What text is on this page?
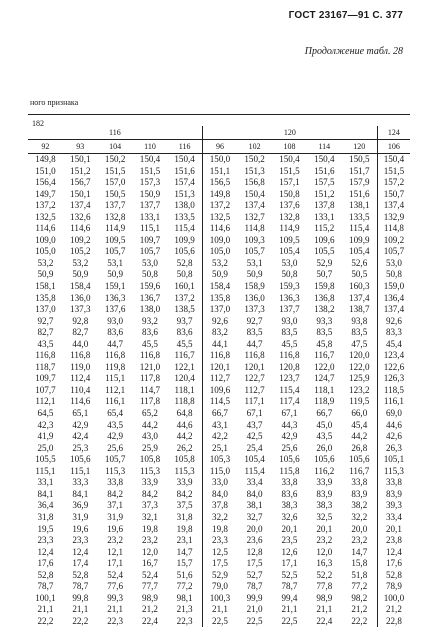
ГОСТ 23167—91 С. 377
Продолжение табл. 28
ного признака
182
116					120					124
92	93	104	110	116	96	102	108	114	120	106
149,8	150,1	150,2	150,4	150,4	150,0	150,2	150,4	150,4	150,5	150,4
151,0	151,2	151,5	151,5	151,6	151,1	151,3	151,5	151,6	151,7	151,5
156,4	156,7	157,0	157,3	157,4	156,5	156,8	157,1	157,5	157,9	157,2
149,7	150,1	150,5	150,9	151,3	149,8	150,4	150,8	151,2	151,6	150,7
137,2	137,4	137,7	137,7	138,0	137,2	137,4	137,6	137,8	138,1	137,4
132,5	132,6	132,8	133,1	133,5	132,5	132,7	132,8	133,1	133,5	132,9
114,6	114,6	114,9	115,1	115,4	114,6	114,8	114,9	115,2	115,4	114,8
109,0	109,2	109,5	109,7	109,9	109,0	109,3	109,5	109,6	109,9	109,2
105,0	105,2	105,7	105,7	105,6	105,0	105,7	105,4	105,5	105,4	105,7
53,2	53,2	53,1	53,0	52,8	53,2	53,1	53,0	52,9	52,6	53,0
50,9	50,9	50,9	50,8	50,8	50,9	50,9	50,8	50,7	50,5	50,8
158,1	158,4	159,1	159,6	160,1	158,4	158,9	159,3	159,8	160,3	159,0
135,8	136,0	136,3	136,7	137,2	135,8	136,0	136,3	136,8	137,4	136,4
137,0	137,3	137,6	138,0	138,5	137,0	137,3	137,7	138,2	138,7	137,4
92,7	92,8	93,0	93,2	93,7	92,6	92,7	93,0	93,3	93,8	92,6
82,7	82,7	83,6	83,6	83,6	83,2	83,5	83,5	83,5	83,5	83,3
43,5	44,0	44,7	45,5	45,5	44,1	44,7	45,5	45,8	47,5	45,4
116,8	116,8	116,8	116,8	116,7	116,8	116,8	116,8	116,7	120,0	123,4
118,7	119,0	119,8	121,0	122,1	120,1	120,1	120,8	122,0	122,0	122,6
109,7	112,4	115,1	117,8	120,4	112,7	122,7	123,7	124,7	125,9	126,3
107,7	110,4	112,1	114,7	118,1	109,6	112,7	115,4	118,1	123,2	118,5
112,1	114,6	116,1	117,8	118,8	114,5	117,1	117,4	118,9	119,5	116,1
64,5	65,1	65,4	65,2	64,8	66,7	67,1	67,1	66,7	66,0	69,0
42,3	42,9	43,5	44,2	44,6	43,1	43,7	44,3	45,0	45,4	44,6
41,9	42,4	42,9	43,0	44,2	42,2	42,5	42,9	43,5	44,2	42,6
25,0	25,3	25,6	25,9	26,2	25,1	25,4	25,6	26,0	26,8	26,3
105,5	105,6	105,7	105,8	105,8	105,3	105,4	105,6	105,6	105,6	105,1
115,1	115,1	115,3	115,3	115,3	115,0	115,4	115,8	116,2	116,7	115,3
33,1	33,3	33,8	33,9	33,9	33,0	33,4	33,8	33,9	33,8	33,8
84,1	84,1	84,2	84,2	84,2	84,0	84,0	83,6	83,9	83,9	83,9
36,4	36,9	37,1	37,3	37,5	37,8	38,1	38,3	38,3	38,2	39,3
31,8	31,9	31,9	32,1	31,8	32,2	32,7	32,6	32,5	32,2	33,4
19,5	19,6	19,6	19,8	19,8	19,8	20,0	20,1	20,1	20,0	20,1
23,3	23,3	23,2	23,2	23,1	23,3	23,6	23,5	23,2	23,2	23,8
12,4	12,4	12,1	12,0	14,7	12,5	12,8	12,6	12,0	14,7	12,4
17,6	17,4	17,1	16,7	15,7	17,5	17,5	17,1	16,3	15,8	17,6
52,8	52,8	52,4	52,4	51,6	52,9	52,7	52,5	52,2	51,8	52,8
78,7	78,7	77,6	77,7	77,2	79,0	78,7	78,7	77,8	77,2	78,9
100,1	99,8	99,3	98,9	98,1	100,3	99,9	99,4	98,9	98,2	100,0
21,1	21,1	21,1	21,2	21,3	21,1	21,0	21,1	21,1	21,2	21,2
22,2	22,2	22,3	22,4	22,3	22,5	22,5	22,5	22,4	22,2	22,8
